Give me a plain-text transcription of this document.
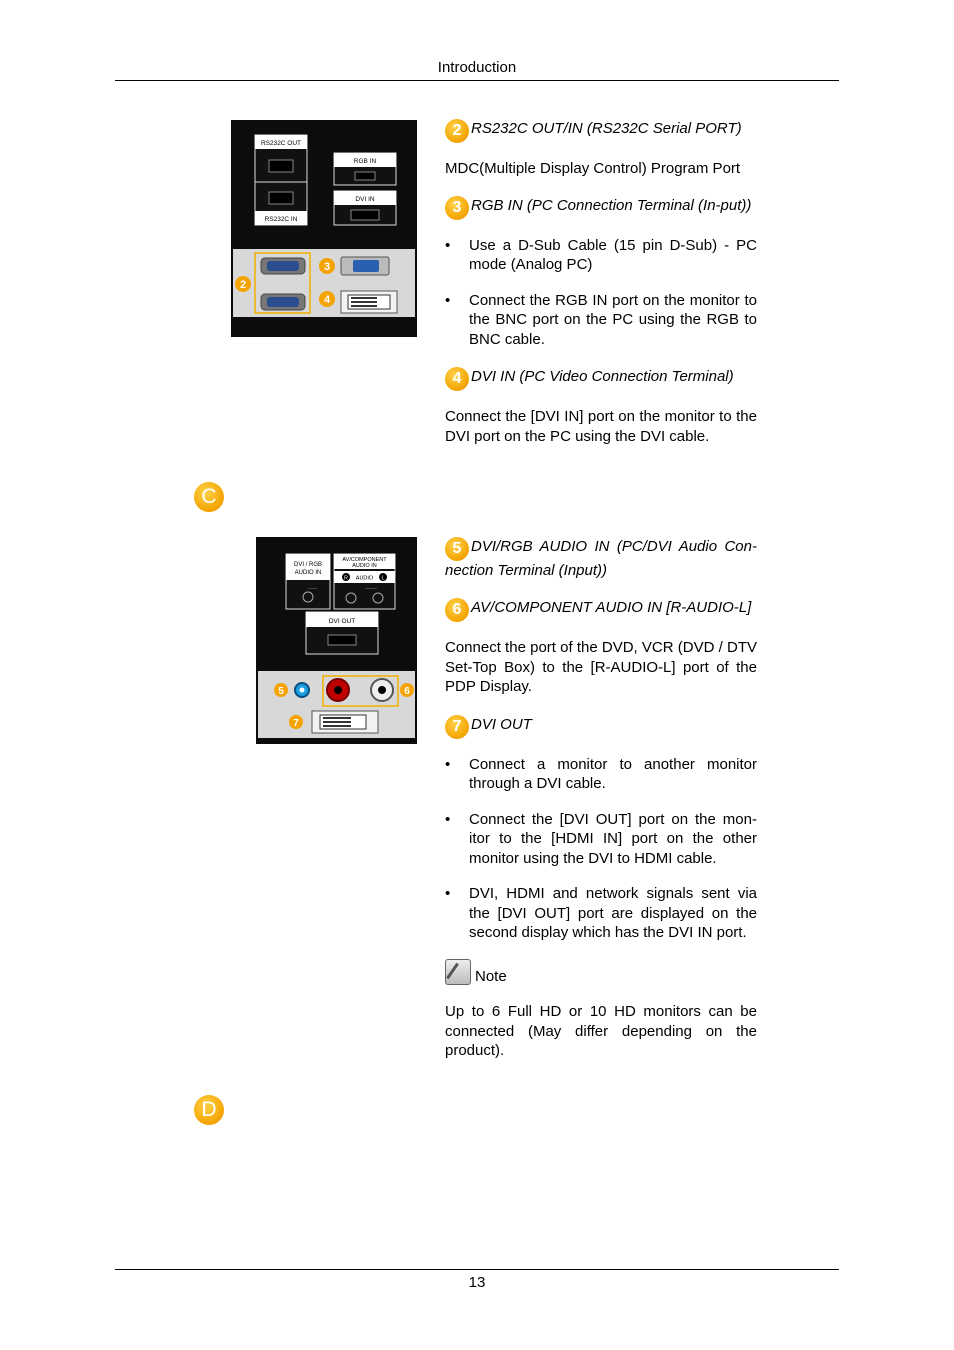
Introduction
RS232C OUT
RS232C IN
RGB IN
DVI IN
2
3
4
2 RS232C OUT/IN (RS232C Serial PORT)
MDC(Multiple Display Control) Program Port
3 RGB IN (PC Connection Terminal (In-put))
• Use a D-Sub Cable (15 pin D-Sub) - PC mode (Analog PC)
• Connect the RGB IN port on the monitor to the BNC port on the PC using the RGB to BNC cable.
4 DVI IN (PC Video Connection Terminal)
Connect the [DVI IN] port on the monitor to the DVI port on the PC using the DVI cable.
C
DVI / RGB
AUDIO IN
DVI / RGB AUDIO IN
AV/COMPONENT
AUDIO IN
AV/COMPONENT AUDIO IN
R AUDIO L
DVI OUT
5	6
7
5 DVI/RGB AUDIO IN (PC/DVI Audio Con-nection Terminal (Input))
6 AV/COMPONENT AUDIO IN [R-AUDIO-L]
Connect the port of the DVD, VCR (DVD / DTV Set-Top Box) to the [R-AUDIO-L] port of the PDP Display.
7 DVI OUT
• Connect a monitor to another monitor through a DVI cable.
• Connect the [DVI OUT] port on the mon-itor to the [HDMI IN] port on the other monitor using the DVI to HDMI cable.
• DVI, HDMI and network signals sent via the [DVI OUT] port are displayed on the second display which has the DVI IN port.
Note
Up to 6 Full HD or 10 HD monitors can be connected (May differ depending on the product).
D
13
